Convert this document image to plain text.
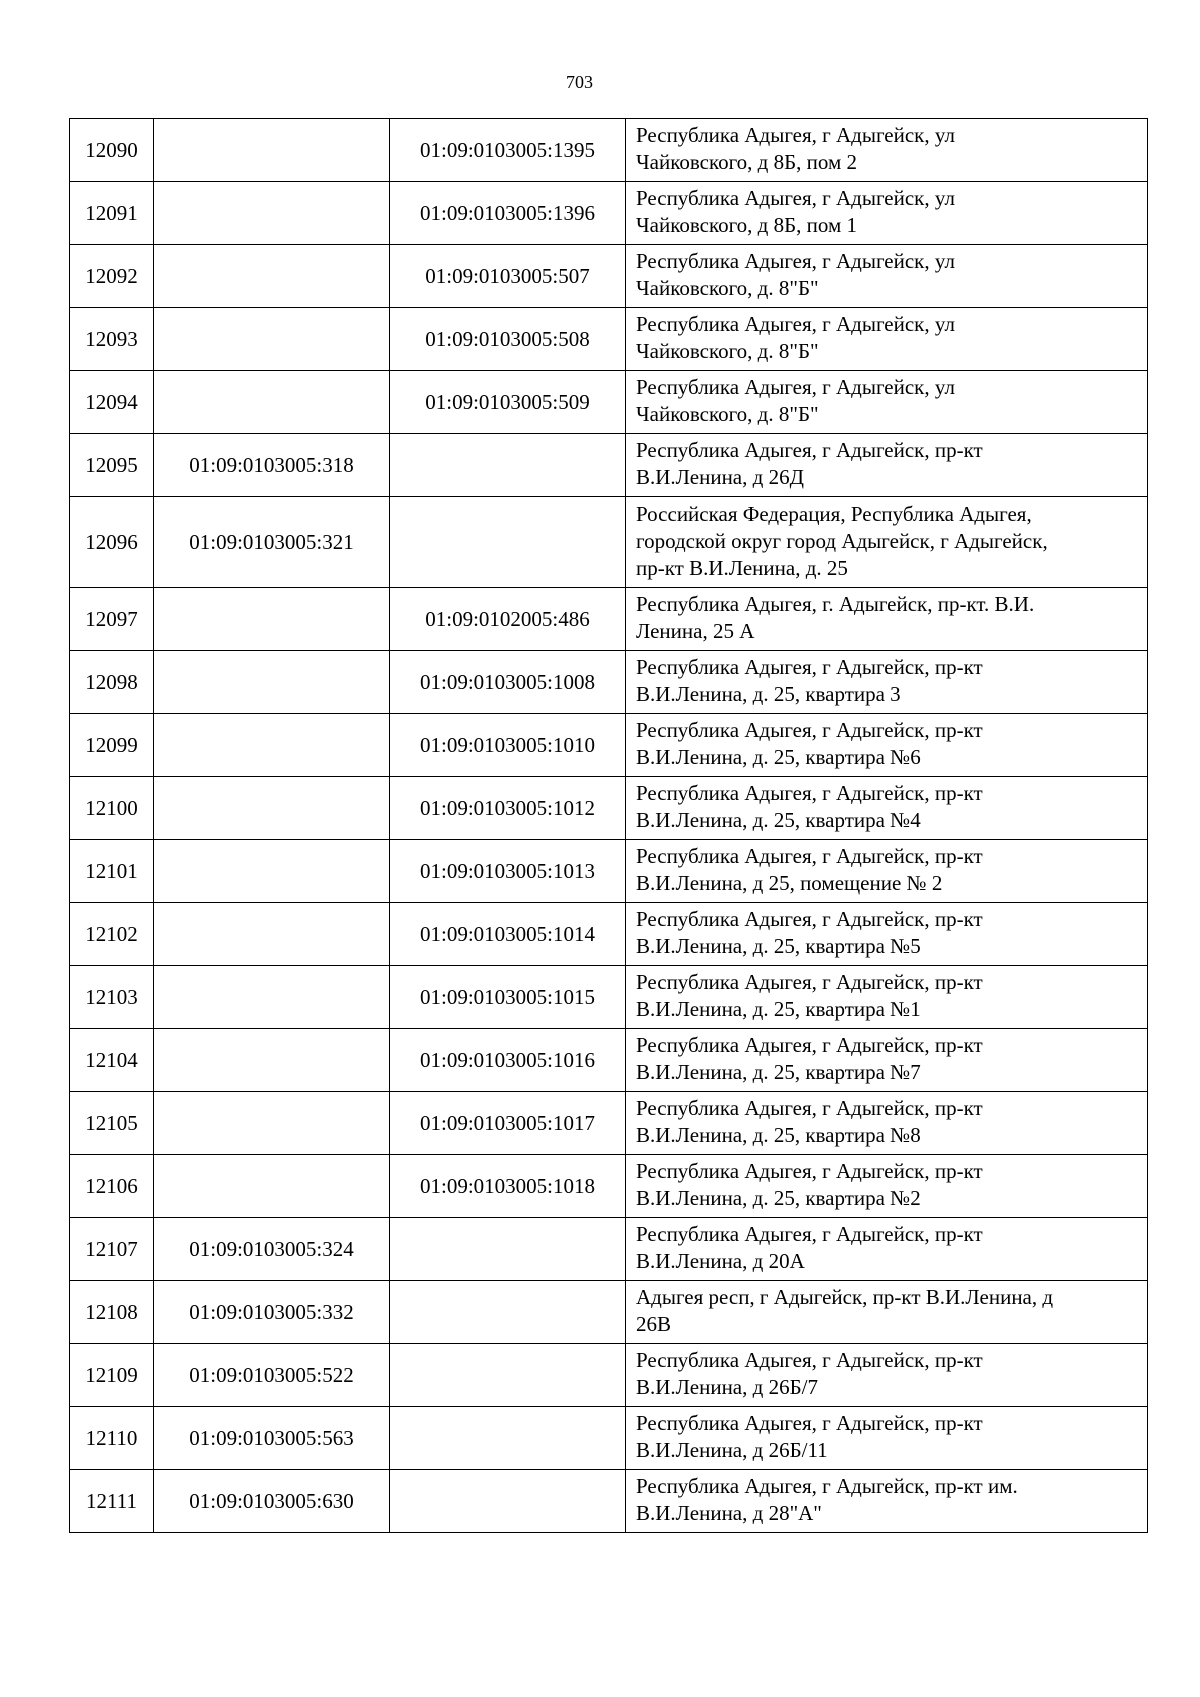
703
12090		01:09:0103005:1395	Республика Адыгея, г Адыгейск, ул
Чайковского, д 8Б, пом 2

12091		01:09:0103005:1396	Республика Адыгея, г Адыгейск, ул
Чайковского, д 8Б, пом 1

12092		01:09:0103005:507	Республика Адыгея, г Адыгейск, ул
Чайковского, д. 8"Б"

12093		01:09:0103005:508	Республика Адыгея, г Адыгейск, ул
Чайковского, д. 8"Б"

12094		01:09:0103005:509	Республика Адыгея, г Адыгейск, ул
Чайковского, д. 8"Б"

12095	01:09:0103005:318		Республика Адыгея, г Адыгейск, пр-кт
В.И.Ленина, д 26Д

12096	01:09:0103005:321		Российская Федерация, Республика Адыгея,
городской округ город Адыгейск, г Адыгейск,
пр-кт В.И.Ленина, д. 25

12097		01:09:0102005:486	Республика Адыгея, г. Адыгейск, пр-кт. В.И.
Ленина, 25 А

12098		01:09:0103005:1008	Республика Адыгея, г Адыгейск, пр-кт
В.И.Ленина, д. 25, квартира 3

12099		01:09:0103005:1010	Республика Адыгея, г Адыгейск, пр-кт
В.И.Ленина, д. 25, квартира №6

12100		01:09:0103005:1012	Республика Адыгея, г Адыгейск, пр-кт
В.И.Ленина, д. 25, квартира №4

12101		01:09:0103005:1013	Республика Адыгея, г Адыгейск, пр-кт
В.И.Ленина, д 25, помещение № 2

12102		01:09:0103005:1014	Республика Адыгея, г Адыгейск, пр-кт
В.И.Ленина, д. 25, квартира №5

12103		01:09:0103005:1015	Республика Адыгея, г Адыгейск, пр-кт
В.И.Ленина, д. 25, квартира №1

12104		01:09:0103005:1016	Республика Адыгея, г Адыгейск, пр-кт
В.И.Ленина, д. 25, квартира №7

12105		01:09:0103005:1017	Республика Адыгея, г Адыгейск, пр-кт
В.И.Ленина, д. 25, квартира №8

12106		01:09:0103005:1018	Республика Адыгея, г Адыгейск, пр-кт
В.И.Ленина, д. 25, квартира №2

12107	01:09:0103005:324		Республика Адыгея, г Адыгейск, пр-кт
В.И.Ленина, д 20А

12108	01:09:0103005:332		Адыгея респ, г Адыгейск, пр-кт В.И.Ленина, д
26В

12109	01:09:0103005:522		Республика Адыгея, г Адыгейск, пр-кт
В.И.Ленина, д 26Б/7

12110	01:09:0103005:563		Республика Адыгея, г Адыгейск, пр-кт
В.И.Ленина, д 26Б/11

12111	01:09:0103005:630		Республика Адыгея, г Адыгейск, пр-кт им.
В.И.Ленина, д 28"А"
